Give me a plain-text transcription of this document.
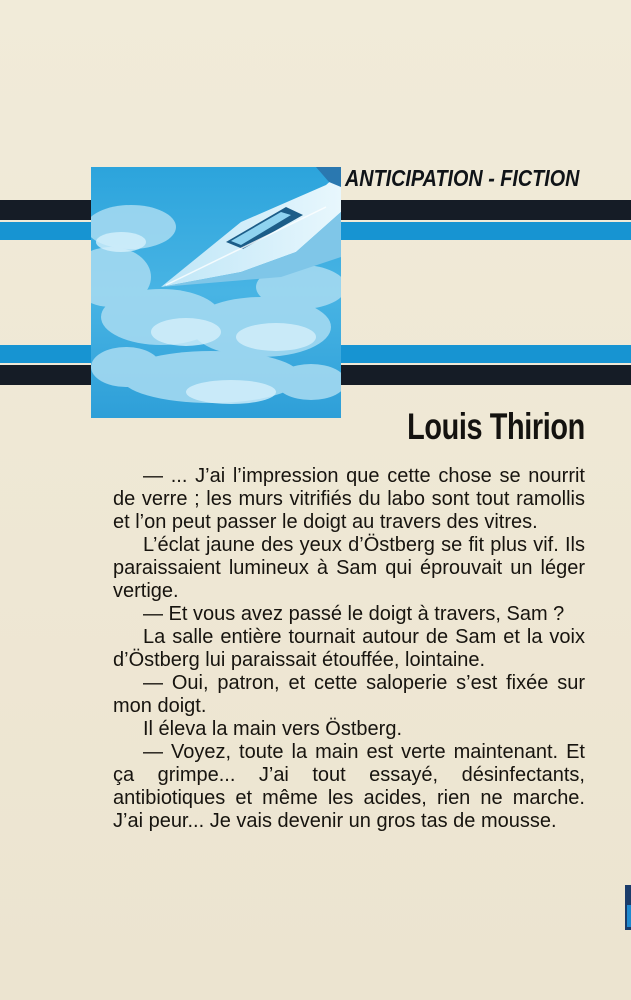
ANTICIPATION - FICTION
Louis Thirion

— ... J’ai l’impression que cette chose se nourrit de verre ; les murs vitrifiés du labo sont tout ramollis et l’on peut passer le doigt au travers des vitres.

L’éclat jaune des yeux d’Östberg se fit plus vif. Ils paraissaient lumineux à Sam qui éprouvait un léger vertige.

— Et vous avez passé le doigt à travers, Sam ?

La salle entière tournait autour de Sam et la voix d’Östberg lui paraissait étouffée, lointaine.

— Oui, patron, et cette saloperie s’est fixée sur mon doigt.

Il éleva la main vers Östberg.

— Voyez, toute la main est verte maintenant. Et ça grimpe... J’ai tout essayé, désinfectants, antibiotiques et même les acides, rien ne marche. J’ai peur... Je vais devenir un gros tas de mousse.
